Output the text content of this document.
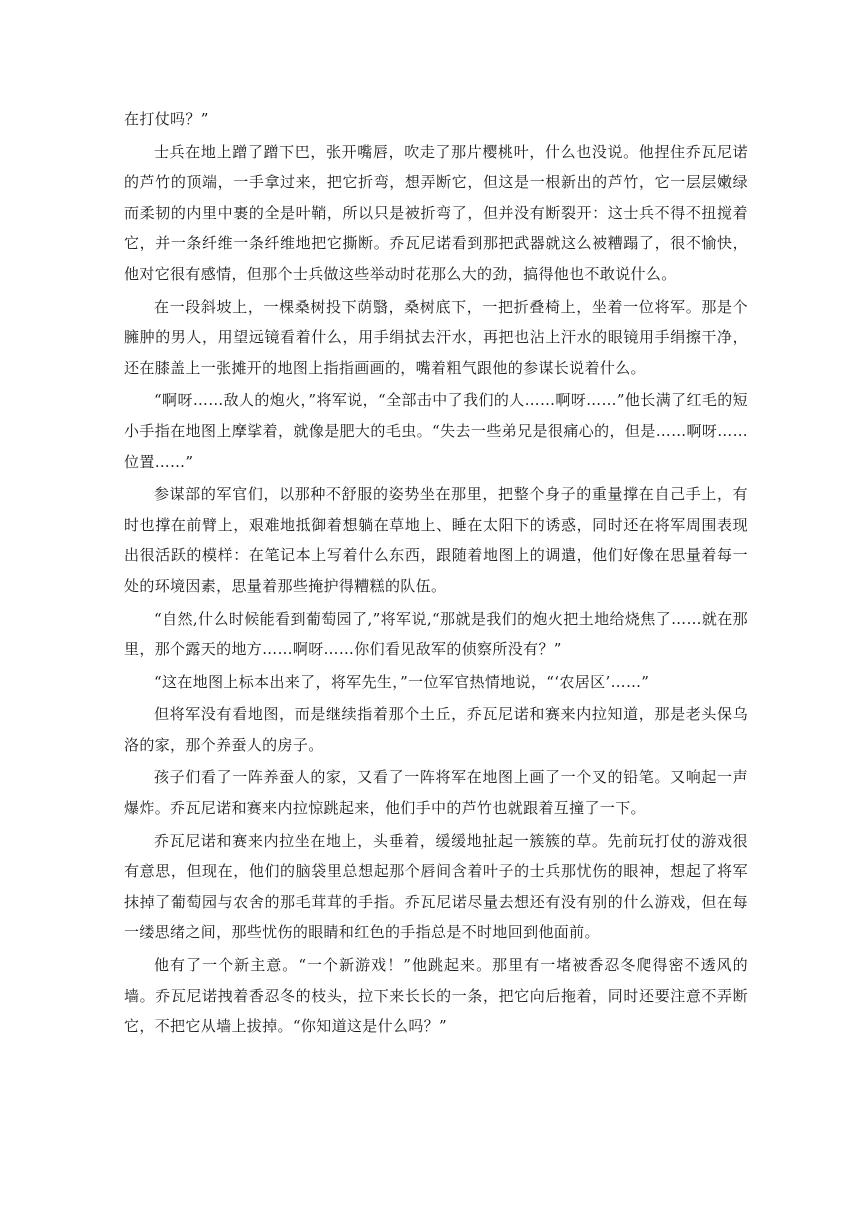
在打仗吗？”

士兵在地上蹭了蹭下巴，张开嘴唇，吹走了那片樱桃叶，什么也没说。他捏住乔瓦尼诺的芦竹的顶端，一手拿过来，把它折弯，想弄断它，但这是一根新出的芦竹，它一层层嫩绿而柔韧的内里中裹的全是叶鞘，所以只是被折弯了，但并没有断裂开：这士兵不得不扭搅着它，并一条纤维一条纤维地把它撕断。乔瓦尼诺看到那把武器就这么被糟蹋了，很不愉快，他对它很有感情，但那个士兵做这些举动时花那么大的劲，搞得他也不敢说什么。

在一段斜坡上，一棵桑树投下荫翳，桑树底下，一把折叠椅上，坐着一位将军。那是个臃肿的男人，用望远镜看着什么，用手绢拭去汗水，再把也沾上汗水的眼镜用手绢擦干净，还在膝盖上一张摊开的地图上指指画画的，嘴着粗气跟他的参谋长说着什么。

“啊呀……敌人的炮火，”将军说，“全部击中了我们的人……啊呀……”他长满了红毛的短小手指在地图上摩挲着，就像是肥大的毛虫。“失去一些弟兄是很痛心的，但是……啊呀……位置……”

参谋部的军官们，以那种不舒服的姿势坐在那里，把整个身子的重量撑在自己手上，有时也撑在前臂上，艰难地抵御着想躺在草地上、睡在太阳下的诱惑，同时还在将军周围表现出很活跃的模样：在笔记本上写着什么东西，跟随着地图上的调遣，他们好像在思量着每一处的环境因素，思量着那些掩护得糟糕的队伍。

“自然,什么时候能看到葡萄园了,”将军说,“那就是我们的炮火把土地给烧焦了……就在那里，那个露天的地方……啊呀……你们看见敌军的侦察所没有？”

“这在地图上标本出来了，将军先生，”一位军官热情地说，“‘农居区’……”

但将军没有看地图，而是继续指着那个土丘，乔瓦尼诺和赛来内拉知道，那是老头保乌洛的家，那个养蚕人的房子。

孩子们看了一阵养蚕人的家，又看了一阵将军在地图上画了一个叉的铅笔。又响起一声爆炸。乔瓦尼诺和赛来内拉惊跳起来，他们手中的芦竹也就跟着互撞了一下。

乔瓦尼诺和赛来内拉坐在地上，头垂着，缓缓地扯起一簇簇的草。先前玩打仗的游戏很有意思，但现在，他们的脑袋里总想起那个唇间含着叶子的士兵那忧伤的眼神，想起了将军抹掉了葡萄园与农舍的那毛茸茸的手指。乔瓦尼诺尽量去想还有没有别的什么游戏，但在每一缕思绪之间，那些忧伤的眼睛和红色的手指总是不时地回到他面前。

他有了一个新主意。“一个新游戏！”他跳起来。那里有一堵被香忍冬爬得密不透风的墙。乔瓦尼诺拽着香忍冬的枝头，拉下来长长的一条，把它向后拖着，同时还要注意不弄断它，不把它从墙上拔掉。“你知道这是什么吗？”
